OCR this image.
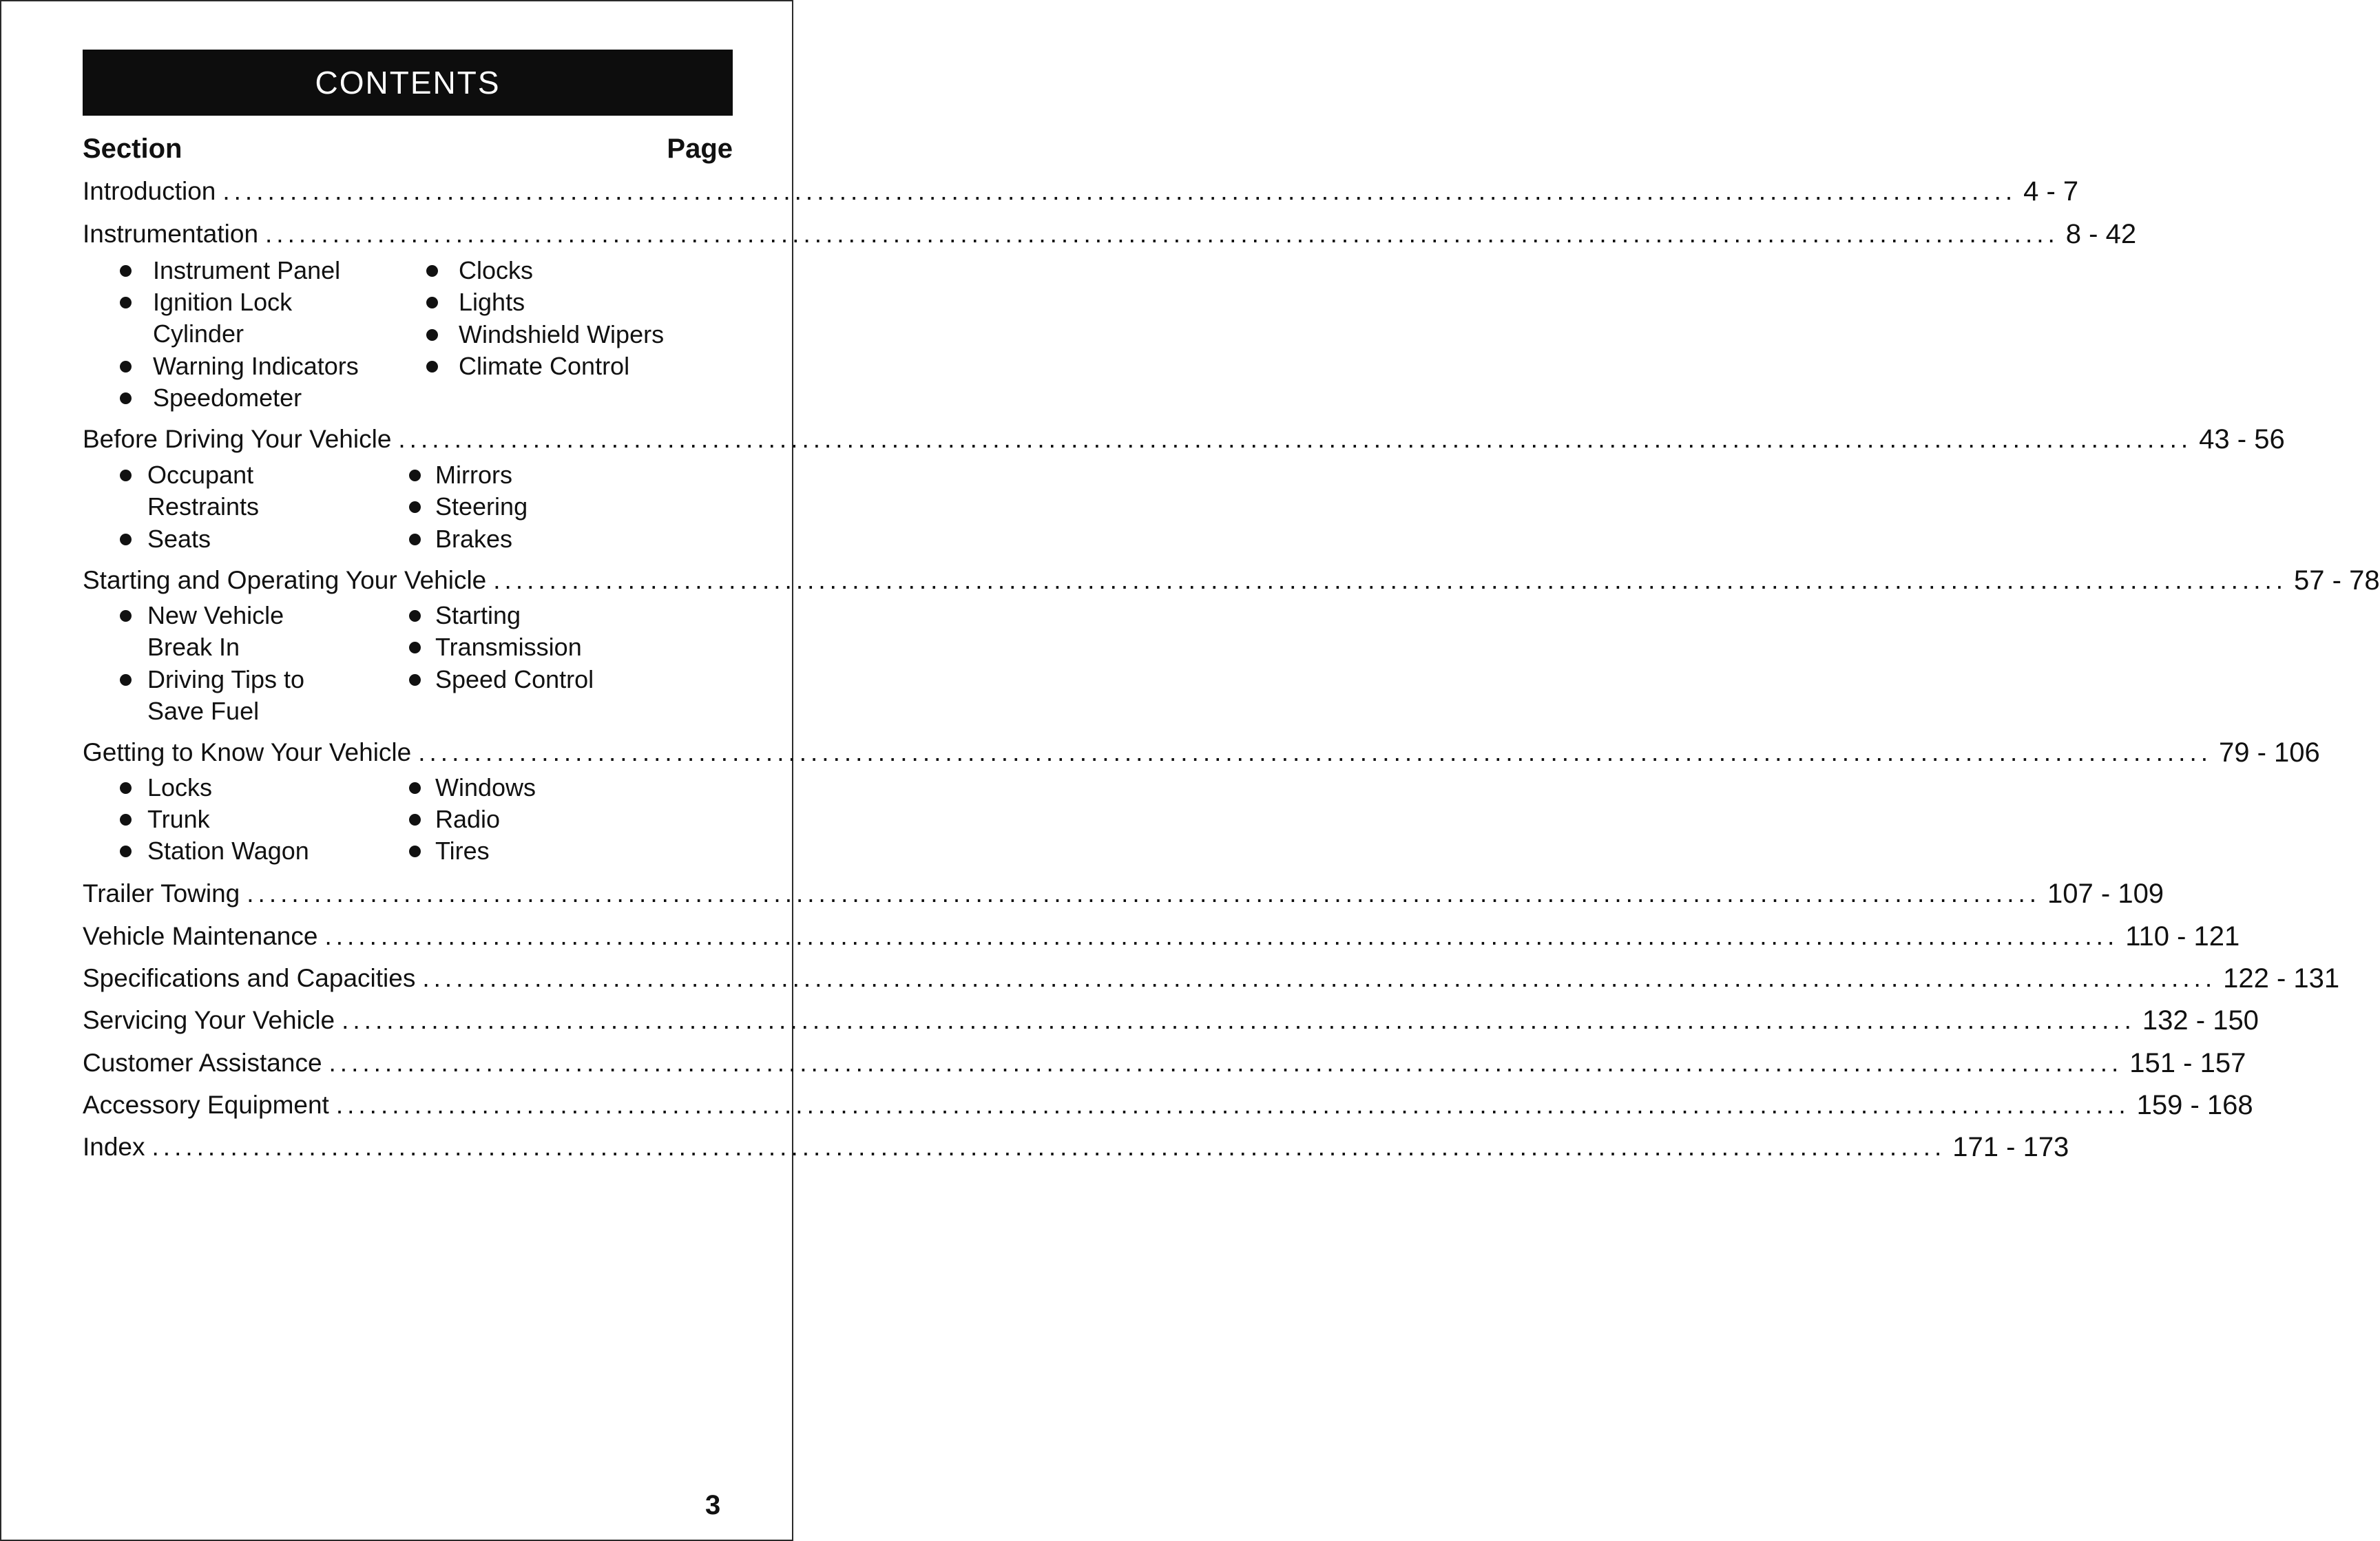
CONTENTS
Section	Page
Introduction ................................................................................................................................................................ 4 - 7
Instrumentation ................................................................................................................................................................ 8 - 42
Instrument Panel
Ignition Lock
Cylinder
Warning Indicators
Speedometer
Clocks
Lights
Windshield Wipers
Climate Control
Before Driving Your Vehicle ................................................................................................................................................................ 43 - 56
Occupant
Restraints
Seats
Mirrors
Steering
Brakes
Starting and Operating Your Vehicle ................................................................................................................................................................ 57 - 78
New Vehicle
Break In
Driving Tips to
Save Fuel
Starting
Transmission
Speed Control
Getting to Know Your Vehicle ................................................................................................................................................................ 79 - 106
Locks
Trunk
Station Wagon
Windows
Radio
Tires
Trailer Towing ................................................................................................................................................................ 107 - 109
Vehicle Maintenance ................................................................................................................................................................ 110 - 121
Specifications and Capacities ................................................................................................................................................................ 122 - 131
Servicing Your Vehicle ................................................................................................................................................................ 132 - 150
Customer Assistance ................................................................................................................................................................ 151 - 157
Accessory Equipment ................................................................................................................................................................ 159 - 168
Index ................................................................................................................................................................ 171 - 173
3
